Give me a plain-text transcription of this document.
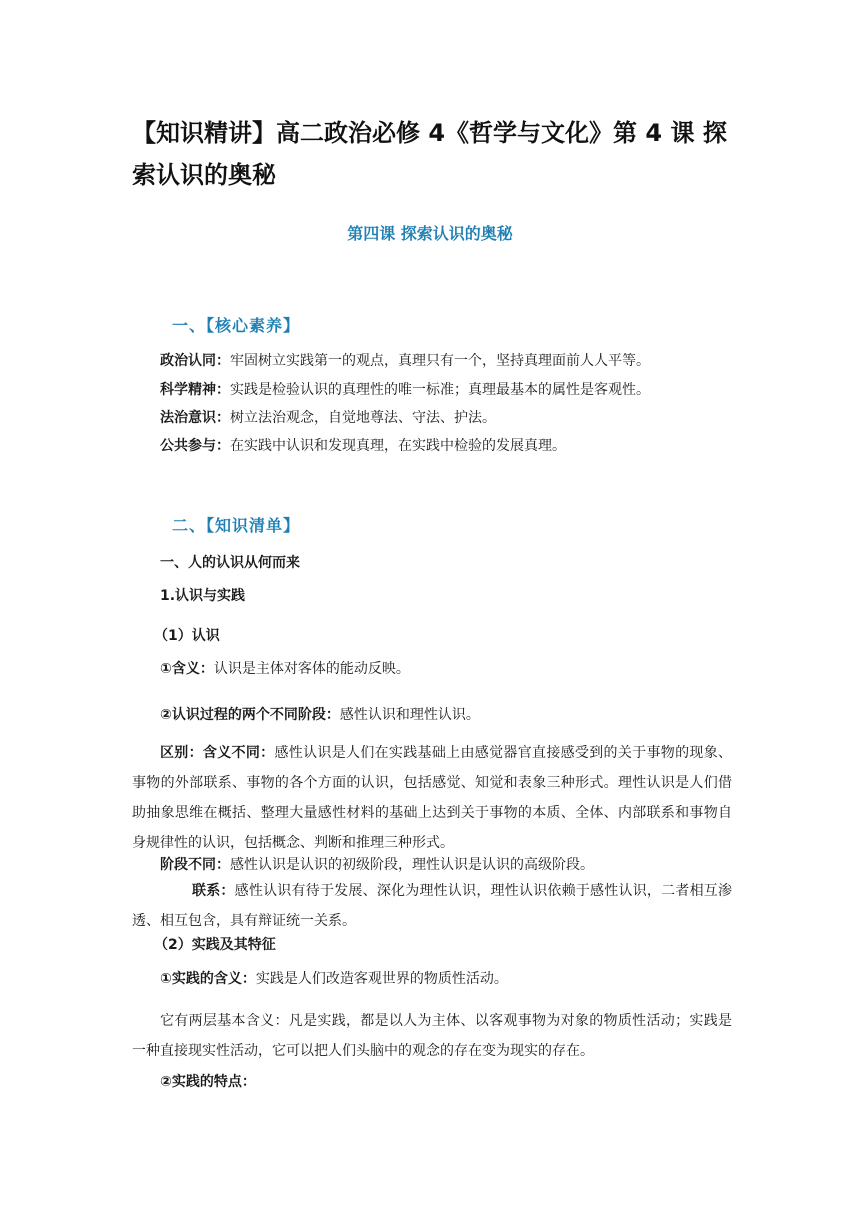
【知识精讲】高二政治必修 4《哲学与文化》第 4 课 探索认识的奥秘
第四课 探索认识的奥秘
一、【核心素养】
政治认同：牢固树立实践第一的观点，真理只有一个，坚持真理面前人人平等。
科学精神：实践是检验认识的真理性的唯一标准；真理最基本的属性是客观性。
法治意识：树立法治观念，自觉地尊法、守法、护法。
公共参与：在实践中认识和发现真理，在实践中检验的发展真理。
二、【知识清单】
一、人的认识从何而来
1.认识与实践
（1）认识
①含义：认识是主体对客体的能动反映。
②认识过程的两个不同阶段：感性认识和理性认识。
区别：含义不同：感性认识是人们在实践基础上由感觉器官直接感受到的关于事物的现象、事物的外部联系、事物的各个方面的认识，包括感觉、知觉和表象三种形式。理性认识是人们借助抽象思维在概括、整理大量感性材料的基础上达到关于事物的本质、全体、内部联系和事物自身规律性的认识，包括概念、判断和推理三种形式。
阶段不同：感性认识是认识的初级阶段，理性认识是认识的高级阶段。
联系：感性认识有待于发展、深化为理性认识，理性认识依赖于感性认识，二者相互渗透、相互包含，具有辩证统一关系。
（2）实践及其特征
①实践的含义：实践是人们改造客观世界的物质性活动。
它有两层基本含义：凡是实践，都是以人为主体、以客观事物为对象的物质性活动；实践是一种直接现实性活动，它可以把人们头脑中的观念的存在变为现实的存在。
②实践的特点：
